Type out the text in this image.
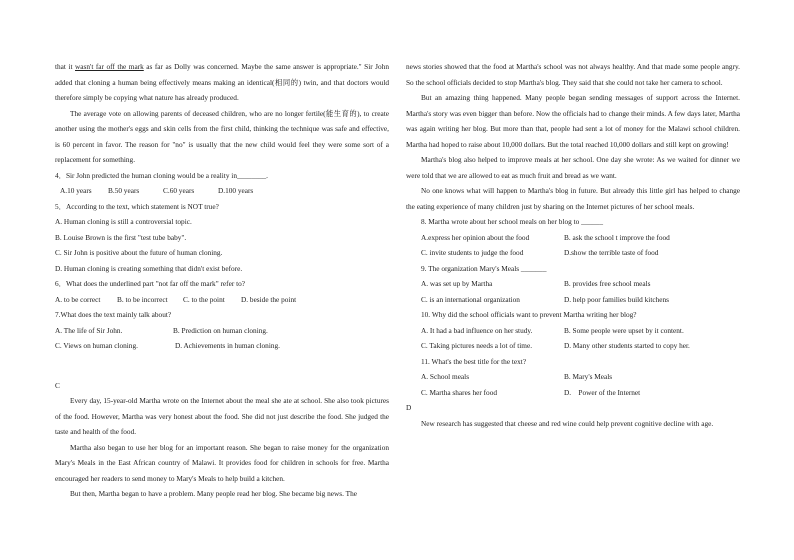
that it wasn't far off the mark as far as Dolly was concerned. Maybe the same answer is appropriate." Sir John added that cloning a human being effectively means making an identical(相同的) twin, and that doctors would therefore simply be copying what nature has already produced.

The average vote on allowing parents of deceased children, who are no longer fertile(能生育的), to create another using the mother's eggs and skin cells from the first child, thinking the technique was safe and effective, is 60 percent in favor. The reason for "no" is usually that the new child would feel they were some sort of a replacement for something.

4．Sir John predicted the human cloning would be a reality in________.

A.10 years	B.50 years	C.60 years	D.100 years

5．According to the text, which statement is NOT true?

A. Human cloning is still a controversial topic.

B. Louise Brown is the first "test tube baby".

C. Sir John is positive about the future of human cloning.

D. Human cloning is creating something that didn't exist before.

6．What does the underlined part "not far off the mark" refer to?

A. to be correct	B. to be incorrect	C. to the point	D. beside the point

7.What does the text mainly talk about?

A. The life of Sir John.	B. Prediction on human cloning.
C. Views on human cloning.	D. Achievements in human cloning.

C

Every day, 15-year-old Martha wrote on the Internet about the meal she ate at school. She also took pictures of the food. However, Martha was very honest about the food. She did not just describe the food. She judged the taste and health of the food.

Martha also began to use her blog for an important reason. She began to raise money for the organization Mary's Meals in the East African country of Malawi. It provides food for children in schools for free. Martha encouraged her readers to send money to Mary's Meals to help build a kitchen.

But then, Martha began to have a problem. Many people read her blog. She became big news. The

news stories showed that the food at Martha's school was not always healthy. And that made some people angry. So the school officials decided to stop Martha's blog. They said that she could not take her camera to school.

But an amazing thing happened. Many people began sending messages of support across the Internet. Martha's story was even bigger than before. Now the officials had to change their minds. A few days later, Martha was again writing her blog. But more than that, people had sent a lot of money for the Malawi school children. Martha had hoped to raise about 10,000 dollars. But the total reached 10,000 dollars and still kept on growing!

Martha's blog also helped to improve meals at her school. One day she wrote: As we waited for dinner we were told that we are allowed to eat as much fruit and bread as we want.

No one knows what will happen to Martha's blog in future. But already this little girl has helped to change the eating experience of many children just by sharing on the Internet pictures of her school meals.

8. Martha wrote about her school meals on her blog to ______

A.express her opinion about the food	B. ask the school t improve the food
C. invite students to judge the food	D.show the terrible taste of food

9. The organization Mary's Meals _______

A. was set up by Martha	B. provides free school meals
C. is an international organization	D. help poor families build kitchens

10. Why did the school officials want to prevent Martha writing her blog?

A. It had a bad influence on her study.	B. Some people were upset by it content.
C. Taking pictures needs a lot of time.	D. Many other students started to copy her.

11. What's the best title for the text?

A. School meals	B. Mary's Meals
C. Martha shares her food	D.    Power of the Internet

D

New research has suggested that cheese and red wine could help prevent cognitive decline with age.
